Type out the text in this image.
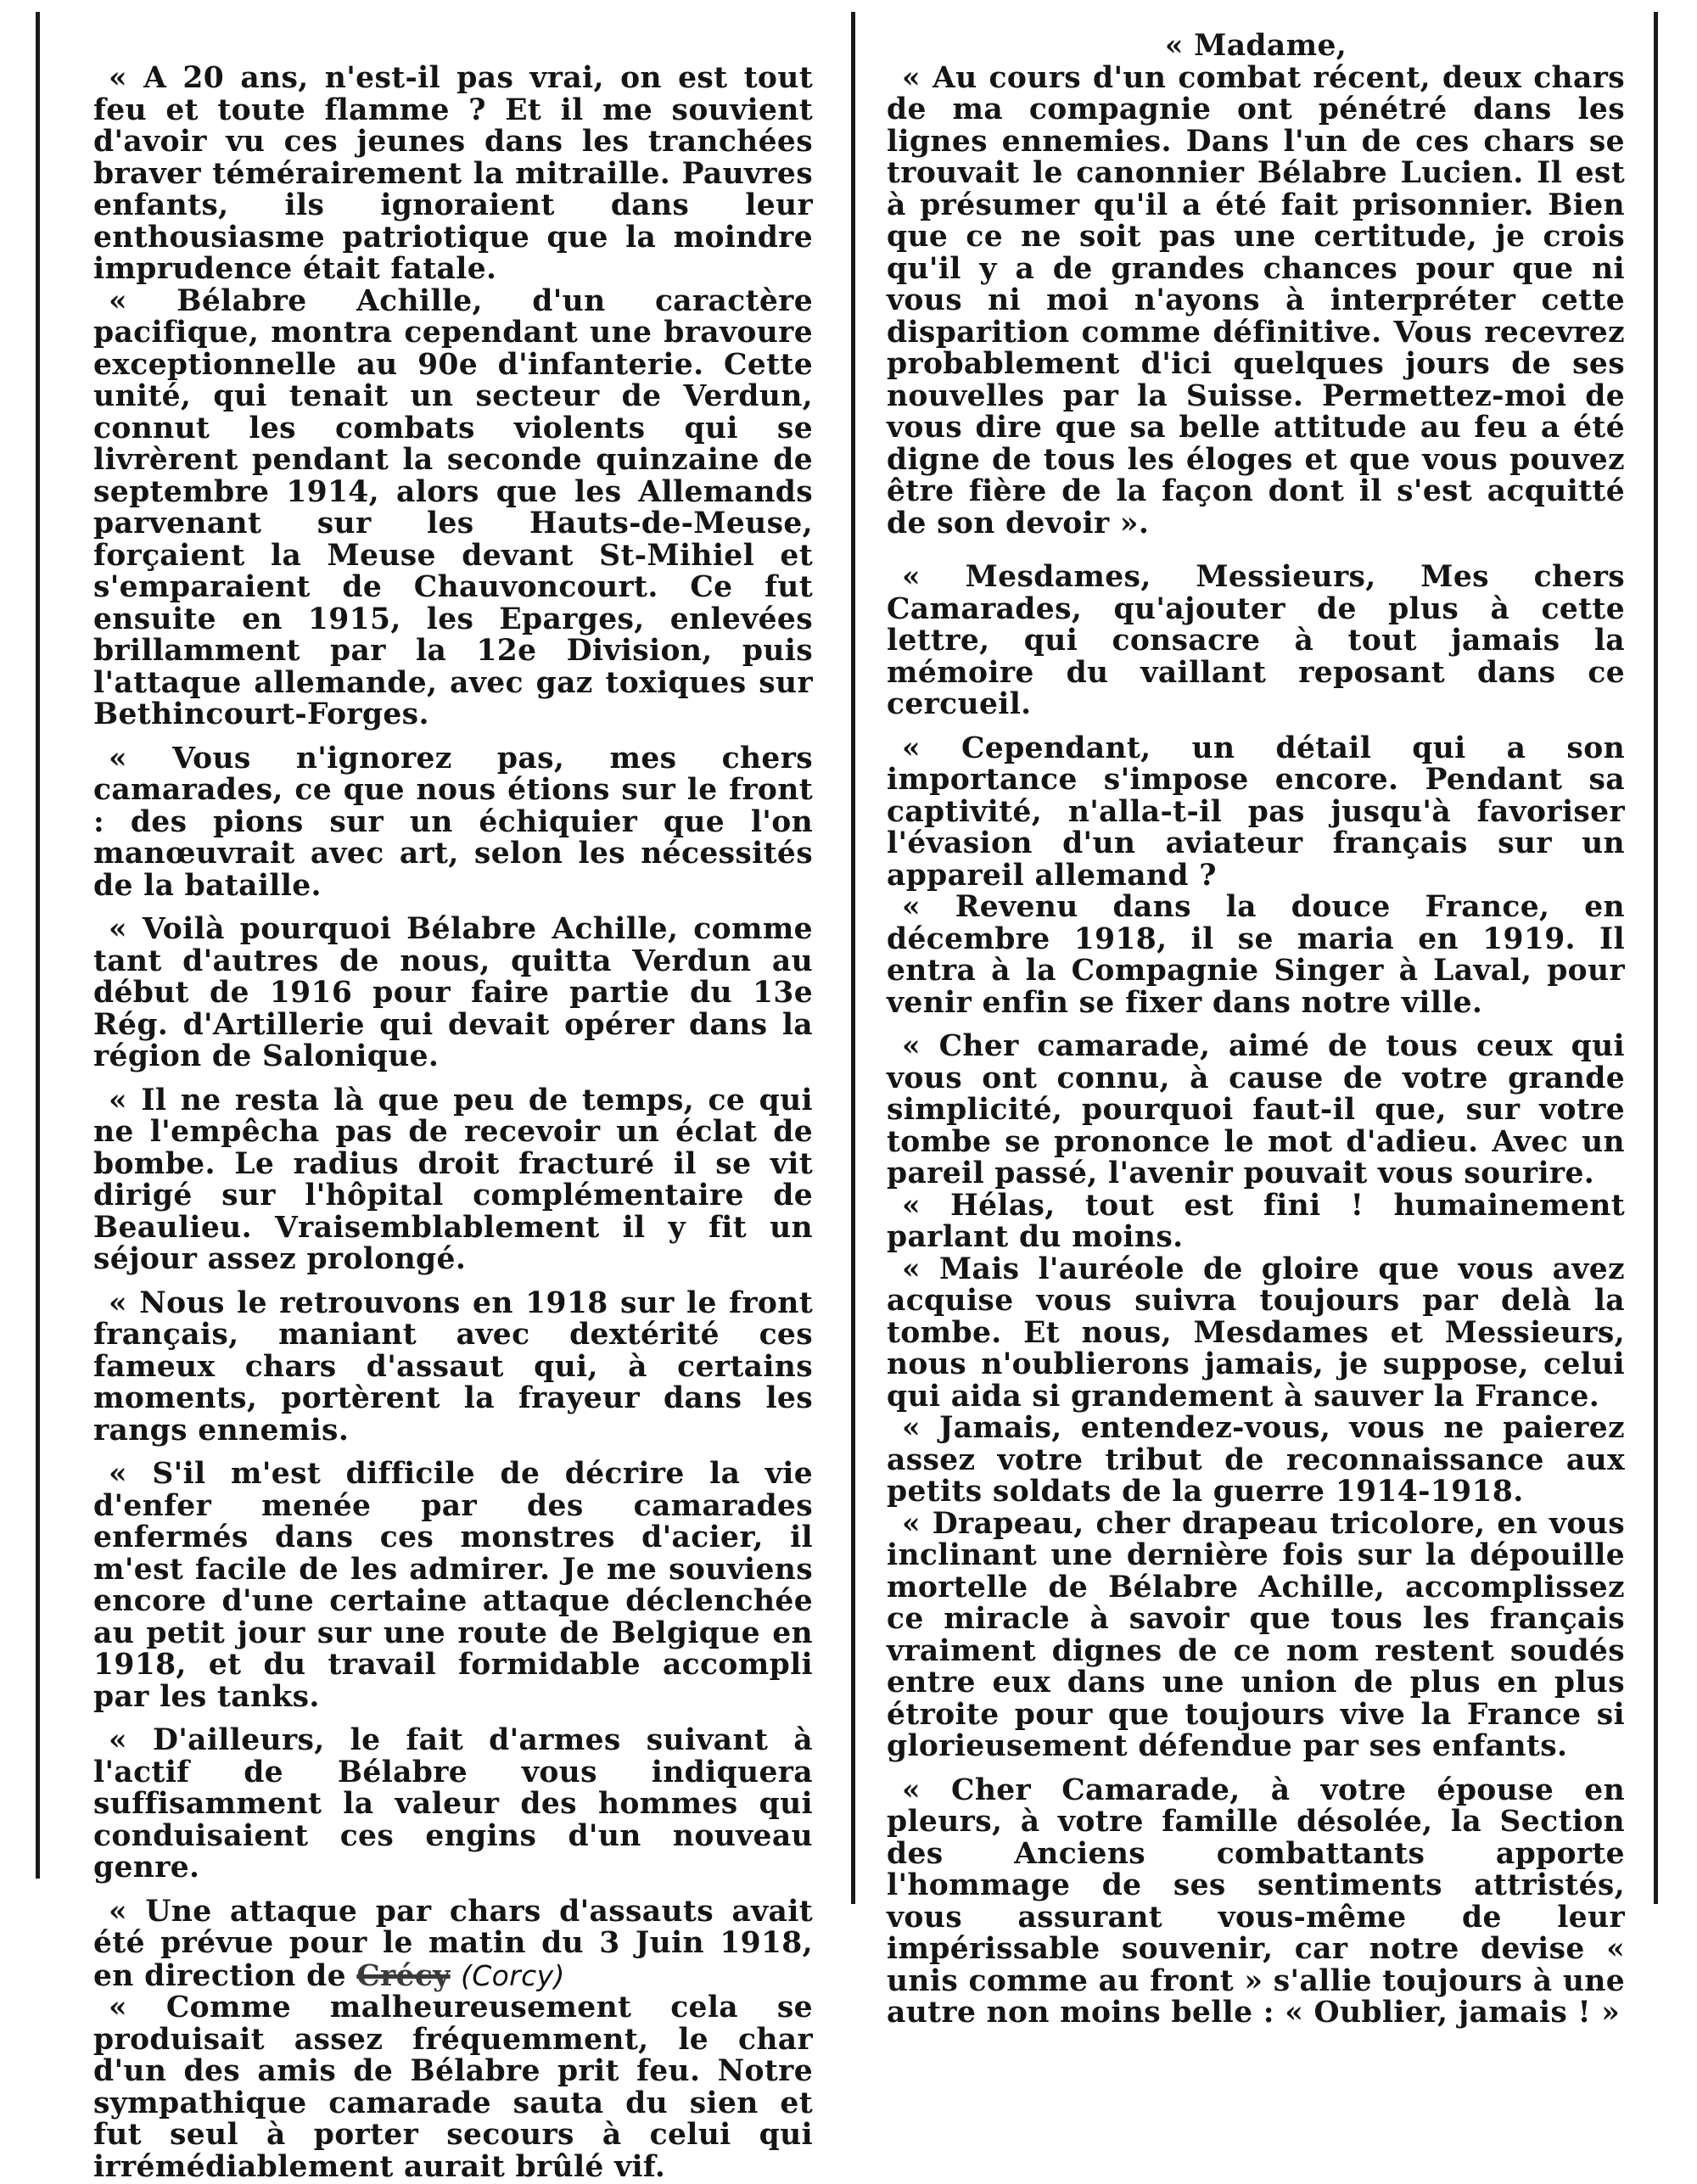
« A 20 ans, n'est-il pas vrai, on est tout feu et toute flamme ? Et il me souvient d'avoir vu ces jeunes dans les tranchées braver témérairement la mitraille. Pauvres enfants, ils ignoraient dans leur enthousiasme patriotique que la moindre imprudence était fatale.

« Bélabre Achille, d'un caractère pacifique, montra cependant une bravoure exceptionnelle au 90e d'infanterie. Cette unité, qui tenait un secteur de Verdun, connut les combats violents qui se livrèrent pendant la seconde quinzaine de septembre 1914, alors que les Allemands parvenant sur les Hauts-de-Meuse, forçaient la Meuse devant St-Mihiel et s'emparaient de Chauvoncourt. Ce fut ensuite en 1915, les Eparges, enlevées brillamment par la 12e Division, puis l'attaque allemande, avec gaz toxiques sur Bethincourt-Forges.

« Vous n'ignorez pas, mes chers camarades, ce que nous étions sur le front : des pions sur un échiquier que l'on manœuvrait avec art, selon les nécessités de la bataille.

« Voilà pourquoi Bélabre Achille, comme tant d'autres de nous, quitta Verdun au début de 1916 pour faire partie du 13e Rég. d'Artillerie qui devait opérer dans la région de Salonique.

« Il ne resta là que peu de temps, ce qui ne l'empêcha pas de recevoir un éclat de bombe. Le radius droit fracturé il se vit dirigé sur l'hôpital complémentaire de Beaulieu. Vraisemblablement il y fit un séjour assez prolongé.

« Nous le retrouvons en 1918 sur le front français, maniant avec dextérité ces fameux chars d'assaut qui, à certains moments, portèrent la frayeur dans les rangs ennemis.

« S'il m'est difficile de décrire la vie d'enfer menée par des camarades enfermés dans ces monstres d'acier, il m'est facile de les admirer. Je me souviens encore d'une certaine attaque déclenchée au petit jour sur une route de Belgique en 1918, et du travail formidable accompli par les tanks.

« D'ailleurs, le fait d'armes suivant à l'actif de Bélabre vous indiquera suffisamment la valeur des hommes qui conduisaient ces engins d'un nouveau genre.

« Une attaque par chars d'assauts avait été prévue pour le matin du 3 Juin 1918, en direction de Crécy (Corcy)

« Comme malheureusement cela se produisait assez fréquemment, le char d'un des amis de Bélabre prit feu. Notre sympathique camarade sauta du sien et fut seul à porter secours à celui qui irrémédiablement aurait brûlé vif.

« Madame,

« Au cours d'un combat récent, deux chars de ma compagnie ont pénétré dans les lignes ennemies. Dans l'un de ces chars se trouvait le canonnier Bélabre Lucien. Il est à présumer qu'il a été fait prisonnier. Bien que ce ne soit pas une certitude, je crois qu'il y a de grandes chances pour que ni vous ni moi n'ayons à interpréter cette disparition comme définitive. Vous recevrez probablement d'ici quelques jours de ses nouvelles par la Suisse. Permettez-moi de vous dire que sa belle attitude au feu a été digne de tous les éloges et que vous pouvez être fière de la façon dont il s'est acquitté de son devoir ».

« Mesdames, Messieurs, Mes chers Camarades, qu'ajouter de plus à cette lettre, qui consacre à tout jamais la mémoire du vaillant reposant dans ce cercueil.

« Cependant, un détail qui a son importance s'impose encore. Pendant sa captivité, n'alla-t-il pas jusqu'à favoriser l'évasion d'un aviateur français sur un appareil allemand ?

« Revenu dans la douce France, en décembre 1918, il se maria en 1919. Il entra à la Compagnie Singer à Laval, pour venir enfin se fixer dans notre ville.

« Cher camarade, aimé de tous ceux qui vous ont connu, à cause de votre grande simplicité, pourquoi faut-il que, sur votre tombe se prononce le mot d'adieu. Avec un pareil passé, l'avenir pouvait vous sourire.

« Hélas, tout est fini ! humainement parlant du moins.

« Mais l'auréole de gloire que vous avez acquise vous suivra toujours par delà la tombe. Et nous, Mesdames et Messieurs, nous n'oublierons jamais, je suppose, celui qui aida si grandement à sauver la France.

« Jamais, entendez-vous, vous ne paierez assez votre tribut de reconnaissance aux petits soldats de la guerre 1914-1918.

« Drapeau, cher drapeau tricolore, en vous inclinant une dernière fois sur la dépouille mortelle de Bélabre Achille, accomplissez ce miracle à savoir que tous les français vraiment dignes de ce nom restent soudés entre eux dans une union de plus en plus étroite pour que toujours vive la France si glorieusement défendue par ses enfants.

« Cher Camarade, à votre épouse en pleurs, à votre famille désolée, la Section des Anciens combattants apporte l'hommage de ses sentiments attristés, vous assurant vous-même de leur impérissable souvenir, car notre devise « unis comme au front » s'allie toujours à une autre non moins belle : « Oublier, jamais ! »
